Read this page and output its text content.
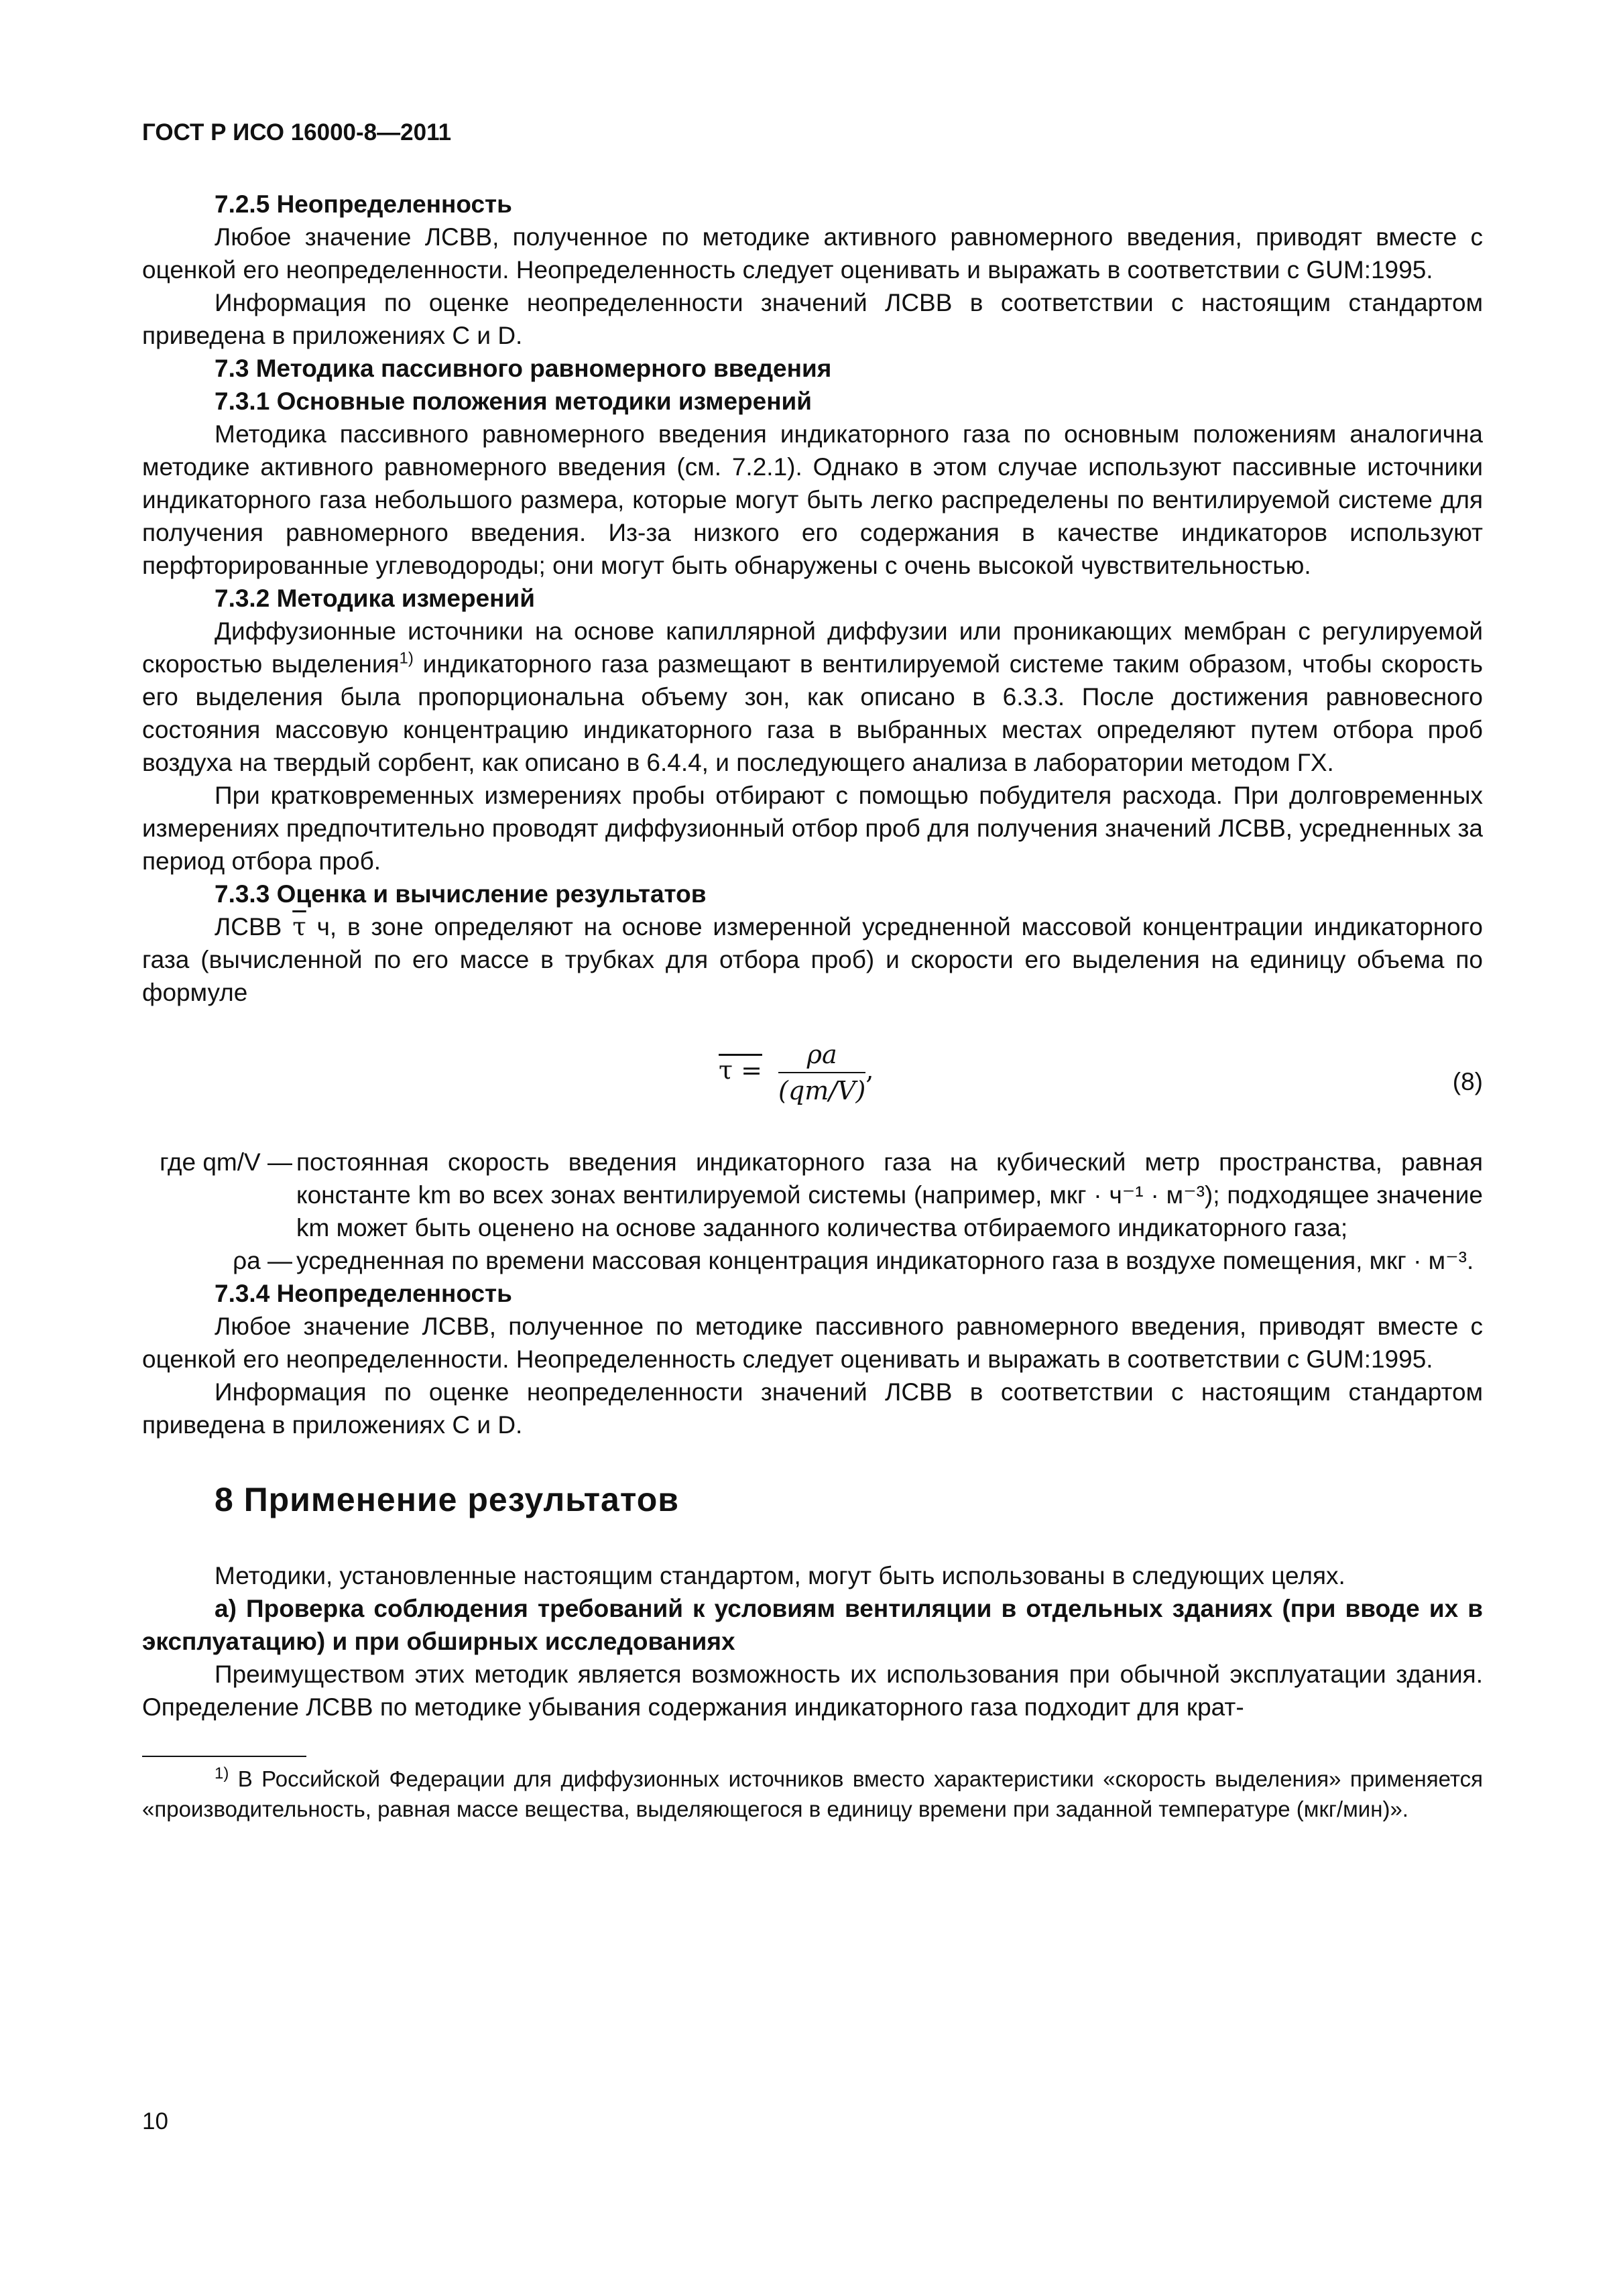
ГОСТ Р ИСО 16000-8—2011

7.2.5 Неопределенность

Любое значение ЛСВВ, полученное по методике активного равномерного введения, приводят вместе с оценкой его неопределенности. Неопределенность следует оценивать и выражать в соответствии с GUM:1995.

Информация по оценке неопределенности значений ЛСВВ в соответствии с настоящим стандартом приведена в приложениях С и D.

7.3 Методика пассивного равномерного введения

7.3.1 Основные положения методики измерений

Методика пассивного равномерного введения индикаторного газа по основным положениям аналогична методике активного равномерного введения (см. 7.2.1). Однако в этом случае используют пассивные источники индикаторного газа небольшого размера, которые могут быть легко распределены по вентилируемой системе для получения равномерного введения. Из-за низкого его содержания в качестве индикаторов используют перфторированные углеводороды; они могут быть обнаружены с очень высокой чувствительностью.

7.3.2 Методика измерений

Диффузионные источники на основе капиллярной диффузии или проникающих мембран с регулируемой скоростью выделения$^{1)}$ индикаторного газа размещают в вентилируемой системе таким образом, чтобы скорость его выделения была пропорциональна объему зон, как описано в 6.3.3. После достижения равновесного состояния массовую концентрацию индикаторного газа в выбранных местах определяют путем отбора проб воздуха на твердый сорбент, как описано в 6.4.4, и последующего анализа в лаборатории методом ГХ.

При кратковременных измерениях пробы отбирают с помощью побудителя расхода. При долговременных измерениях предпочтительно проводят диффузионный отбор проб для получения значений ЛСВВ, усредненных за период отбора проб.

7.3.3 Оценка и вычисление результатов

ЛСВВ $\overline{\tau}$ ч, в зоне определяют на основе измеренной усредненной массовой концентрации индикаторного газа (вычисленной по его массе в трубках для отбора проб) и скорости его выделения на единицу объема по формуле

$\tau = \frac{\rho a}{(qm/V)}$ ,	(8)
где qm/V — постоянная скорость введения индикаторного газа на кубический метр пространства, равная константе km во всех зонах вентилируемой системы (например, мкг · ч⁻¹ · м⁻³); подходящее значение km может быть оценено на основе заданного количества отбираемого индикаторного газа;
ρa — усредненная по времени массовая концентрация индикаторного газа в воздухе помещения, мкг · м⁻³.

7.3.4 Неопределенность

Любое значение ЛСВВ, полученное по методике пассивного равномерного введения, приводят вместе с оценкой его неопределенности. Неопределенность следует оценивать и выражать в соответствии с GUM:1995.

Информация по оценке неопределенности значений ЛСВВ в соответствии с настоящим стандартом приведена в приложениях С и D.

8 Применение результатов

Методики, установленные настоящим стандартом, могут быть использованы в следующих целях.

а) Проверка соблюдения требований к условиям вентиляции в отдельных зданиях (при вводе их в эксплуатацию) и при обширных исследованиях

Преимуществом этих методик является возможность их использования при обычной эксплуатации здания. Определение ЛСВВ по методике убывания содержания индикаторного газа подходит для крат-

$^{1)}$ В Российской Федерации для диффузионных источников вместо характеристики «скорость выделения» применяется «производительность, равная массе вещества, выделяющегося в единицу времени при заданной температуре (мкг/мин)».

10
